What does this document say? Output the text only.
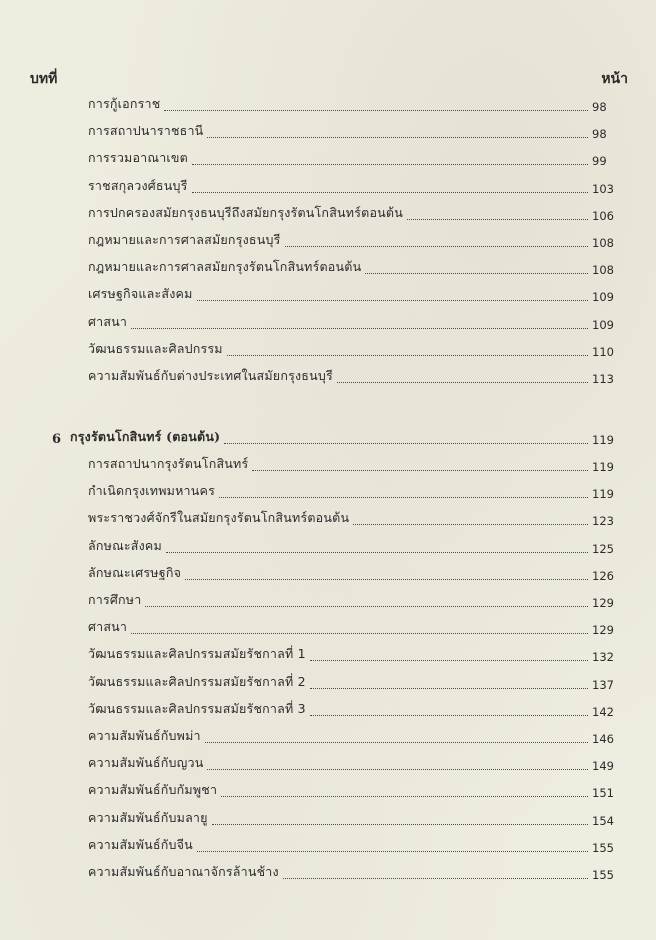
บทที่	หน้า
การกู้เอกราช	98
การสถาปนาราชธานี	98
การรวมอาณาเขต	99
ราชสกุลวงศ์ธนบุรี	103
การปกครองสมัยกรุงธนบุรีถึงสมัยกรุงรัตนโกสินทร์ตอนต้น	106
กฎหมายและการศาลสมัยกรุงธนบุรี	108
กฎหมายและการศาลสมัยกรุงรัตนโกสินทร์ตอนต้น	108
เศรษฐกิจและสังคม	109
ศาสนา	109
วัฒนธรรมและศิลปกรรม	110
ความสัมพันธ์กับต่างประเทศในสมัยกรุงธนบุรี	113
6 กรุงรัตนโกสินทร์ (ตอนต้น)	119
การสถาปนากรุงรัตนโกสินทร์	119
กำเนิดกรุงเทพมหานคร	119
พระราชวงศ์จักรีในสมัยกรุงรัตนโกสินทร์ตอนต้น	123
ลักษณะสังคม	125
ลักษณะเศรษฐกิจ	126
การศึกษา	129
ศาสนา	129
วัฒนธรรมและศิลปกรรมสมัยรัชกาลที่ 1	132
วัฒนธรรมและศิลปกรรมสมัยรัชกาลที่ 2	137
วัฒนธรรมและศิลปกรรมสมัยรัชกาลที่ 3	142
ความสัมพันธ์กับพม่า	146
ความสัมพันธ์กับญวน	149
ความสัมพันธ์กับกัมพูชา	151
ความสัมพันธ์กับมลายู	154
ความสัมพันธ์กับจีน	155
ความสัมพันธ์กับอาณาจักรล้านช้าง	155
